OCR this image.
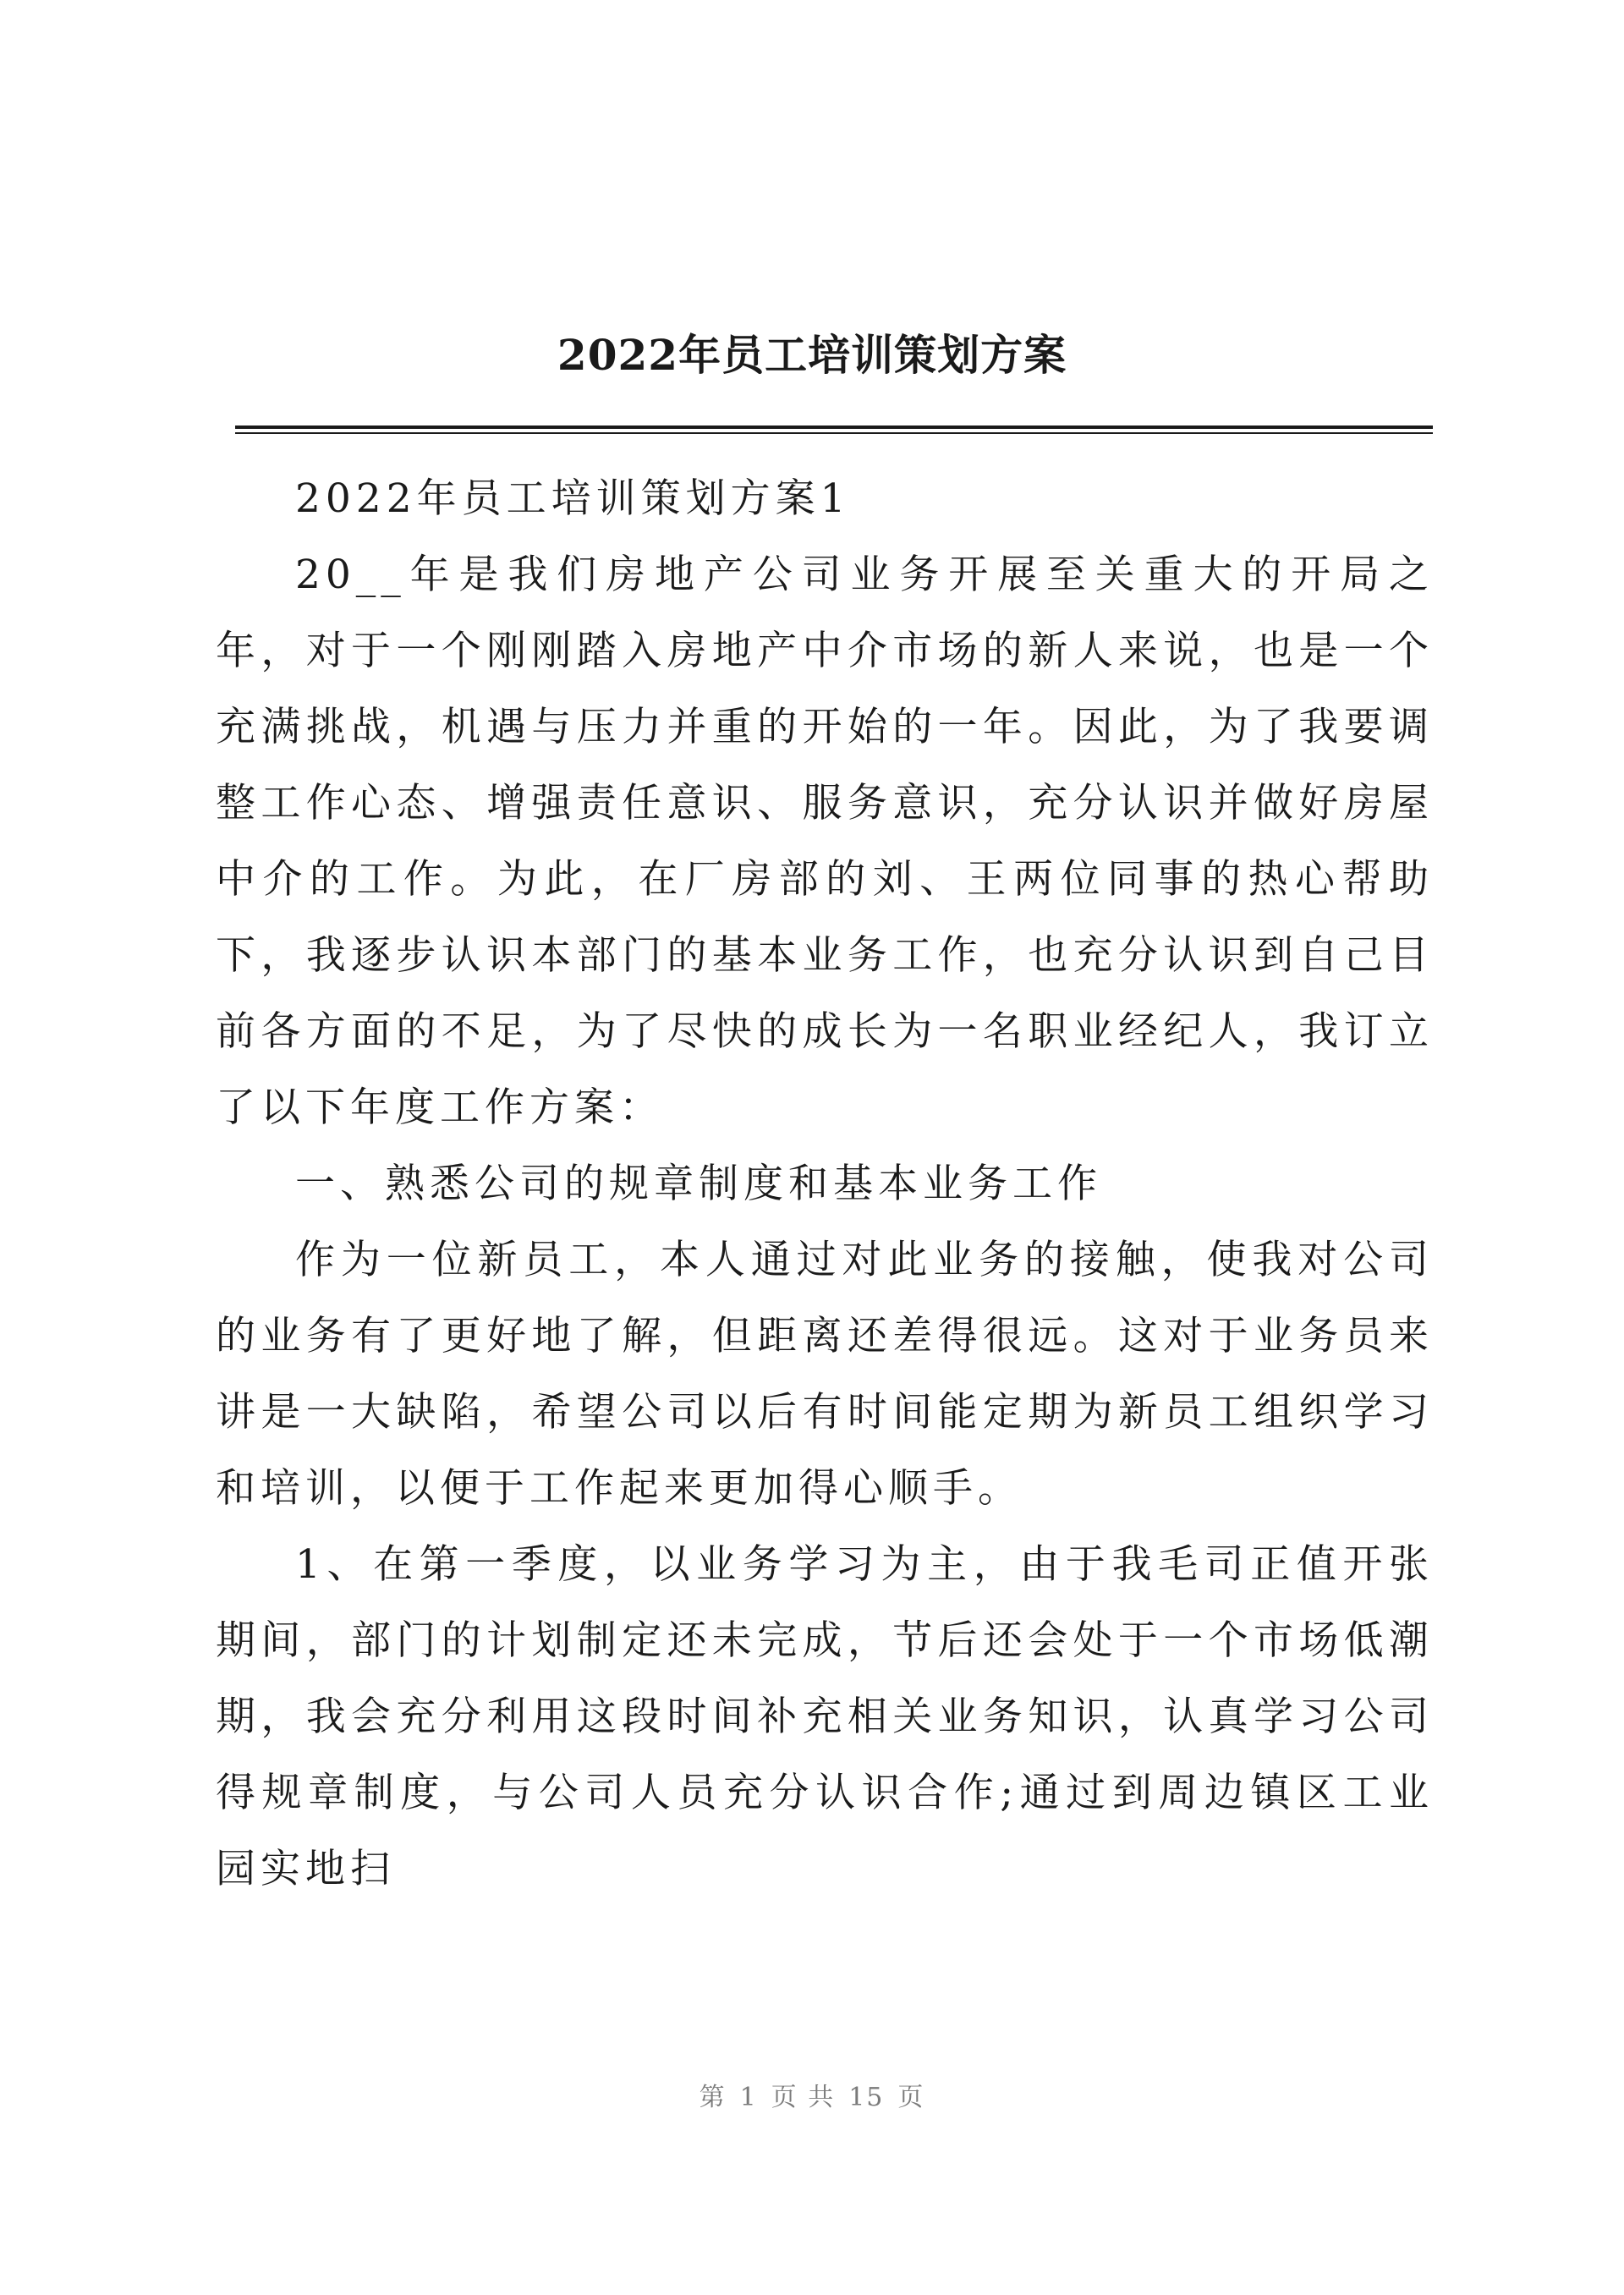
2022年员工培训策划方案

2022年员工培训策划方案1

20__年是我们房地产公司业务开展至关重大的开局之年，对于一个刚刚踏入房地产中介市场的新人来说，也是一个充满挑战，机遇与压力并重的开始的一年。因此，为了我要调整工作心态、增强责任意识、服务意识，充分认识并做好房屋中介的工作。为此，在厂房部的刘、王两位同事的热心帮助下，我逐步认识本部门的基本业务工作，也充分认识到自己目前各方面的不足，为了尽快的成长为一名职业经纪人，我订立了以下年度工作方案：

一、熟悉公司的规章制度和基本业务工作

作为一位新员工，本人通过对此业务的接触，使我对公司的业务有了更好地了解，但距离还差得很远。这对于业务员来讲是一大缺陷，希望公司以后有时间能定期为新员工组织学习和培训，以便于工作起来更加得心顺手。

1、在第一季度，以业务学习为主，由于我毛司正值开张期间，部门的计划制定还未完成，节后还会处于一个市场低潮期，我会充分利用这段时间补充相关业务知识，认真学习公司得规章制度，与公司人员充分认识合作;通过到周边镇区工业园实地扫

第 1 页 共 15 页
